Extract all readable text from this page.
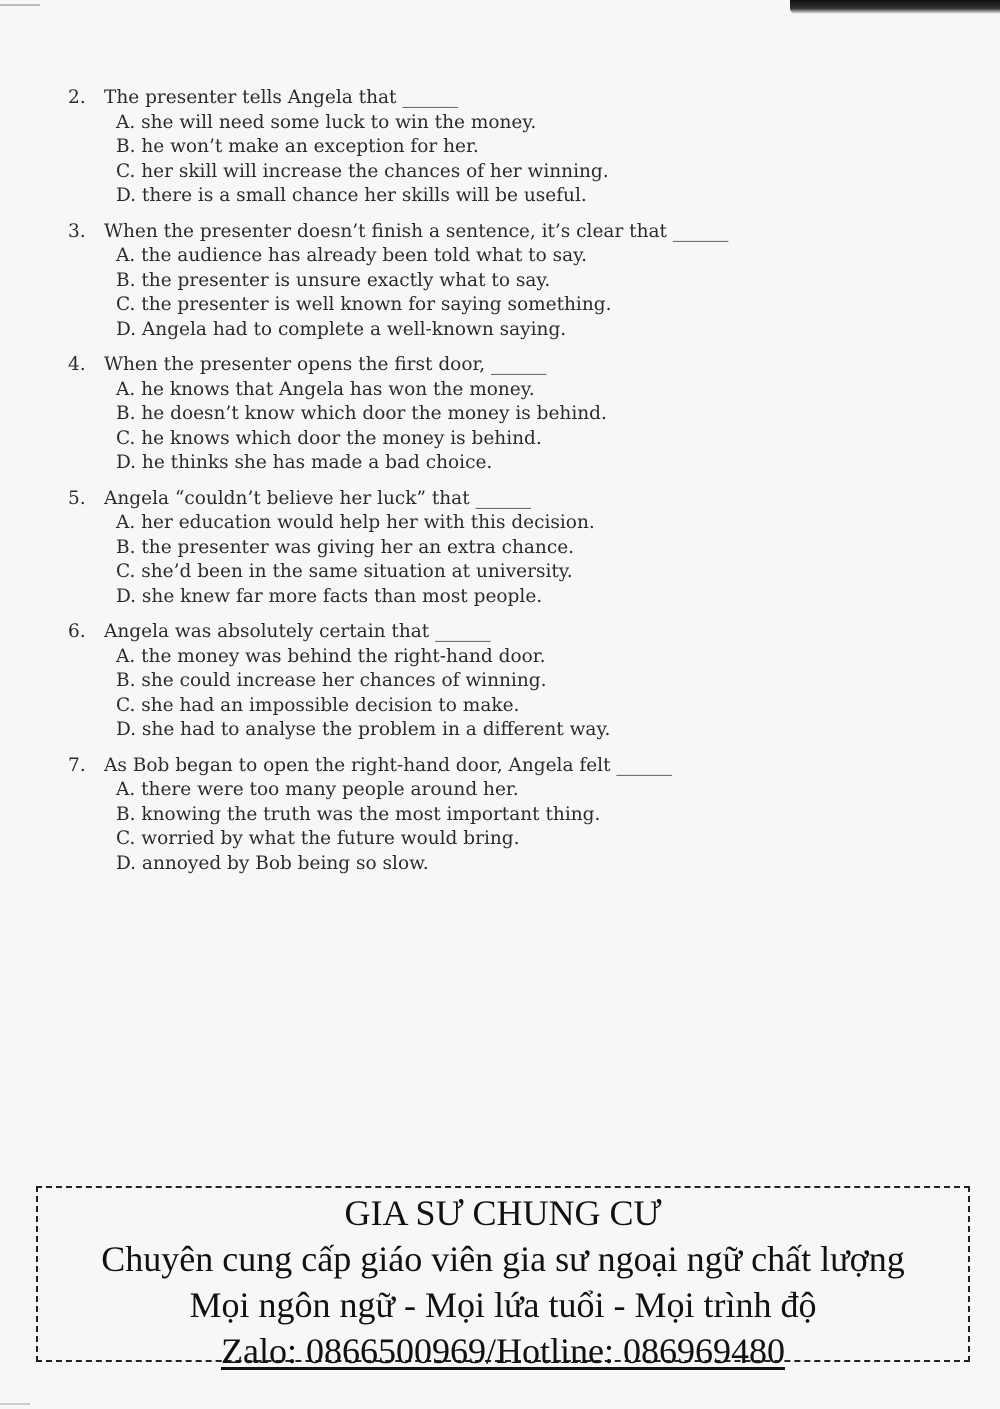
2. The presenter tells Angela that ______
A. she will need some luck to win the money.
B. he won’t make an exception for her.
C. her skill will increase the chances of her winning.
D. there is a small chance her skills will be useful.
3. When the presenter doesn’t finish a sentence, it’s clear that ______
A. the audience has already been told what to say.
B. the presenter is unsure exactly what to say.
C. the presenter is well known for saying something.
D. Angela had to complete a well-known saying.
4. When the presenter opens the first door, ______
A. he knows that Angela has won the money.
B. he doesn’t know which door the money is behind.
C. he knows which door the money is behind.
D. he thinks she has made a bad choice.
5. Angela “couldn’t believe her luck” that ______
A. her education would help her with this decision.
B. the presenter was giving her an extra chance.
C. she’d been in the same situation at university.
D. she knew far more facts than most people.
6. Angela was absolutely certain that ______
A. the money was behind the right-hand door.
B. she could increase her chances of winning.
C. she had an impossible decision to make.
D. she had to analyse the problem in a different way.
7. As Bob began to open the right-hand door, Angela felt ______
A. there were too many people around her.
B. knowing the truth was the most important thing.
C. worried by what the future would bring.
D. annoyed by Bob being so slow.
GIA SƯ CHUNG CƯ
Chuyên cung cấp giáo viên gia sư ngoại ngữ chất lượng
Mọi ngôn ngữ - Mọi lứa tuổi - Mọi trình độ
Zalo: 0866500969/Hotline: 086969480
